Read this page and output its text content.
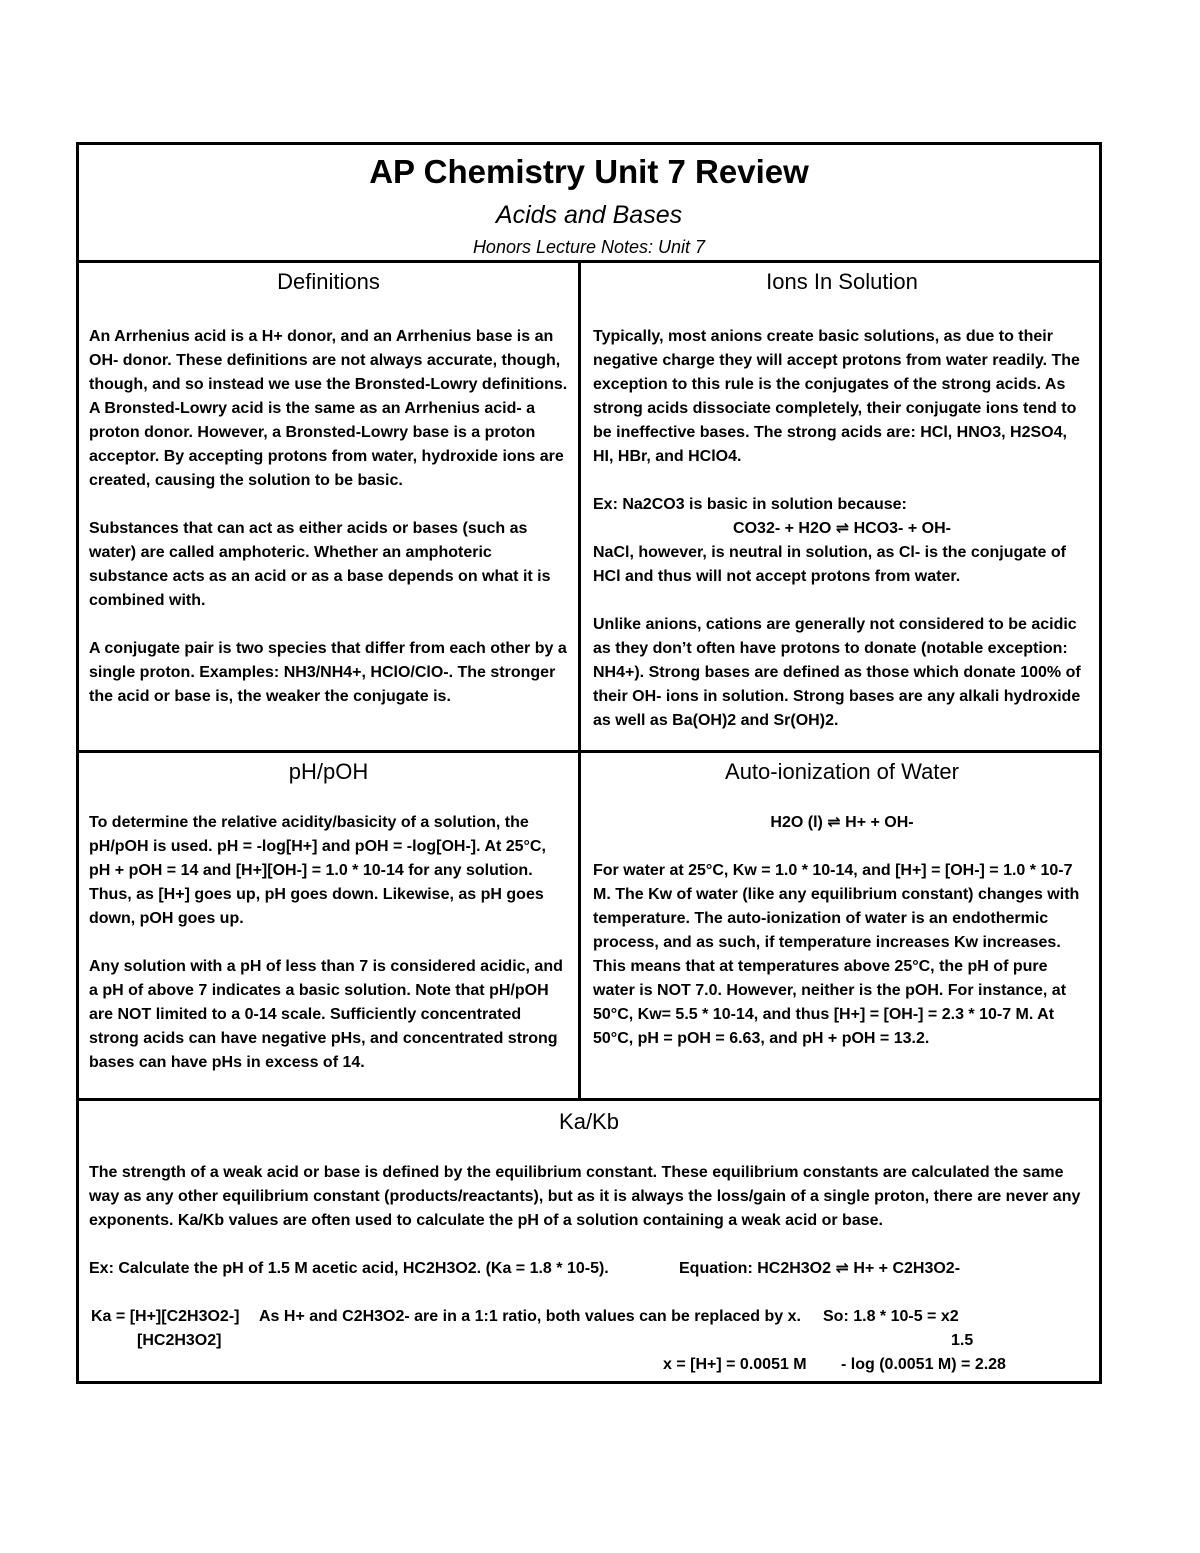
AP Chemistry Unit 7 Review
Acids and Bases
Honors Lecture Notes: Unit 7
Definitions

An Arrhenius acid is a H+ donor, and an Arrhenius base is an OH- donor. These definitions are not always accurate, though, though, and so instead we use the Bronsted-Lowry definitions. A Bronsted-Lowry acid is the same as an Arrhenius acid- a proton donor. However, a Bronsted-Lowry base is a proton acceptor. By accepting protons from water, hydroxide ions are created, causing the solution to be basic.

Substances that can act as either acids or bases (such as water) are called amphoteric. Whether an amphoteric substance acts as an acid or as a base depends on what it is combined with.

A conjugate pair is two species that differ from each other by a single proton. Examples: NH3/NH4+, HClO/ClO-. The stronger the acid or base is, the weaker the conjugate is.

Ions In Solution

Typically, most anions create basic solutions, as due to their negative charge they will accept protons from water readily. The exception to this rule is the conjugates of the strong acids. As strong acids dissociate completely, their conjugate ions tend to be ineffective bases. The strong acids are: HCl, HNO3, H2SO4, HI, HBr, and HClO4.

Ex: Na2CO3 is basic in solution because:

CO32- + H2O ⇌ HCO3- + OH-

NaCl, however, is neutral in solution, as Cl- is the conjugate of HCl and thus will not accept protons from water.

Unlike anions, cations are generally not considered to be acidic as they don’t often have protons to donate (notable exception: NH4+). Strong bases are defined as those which donate 100% of their OH- ions in solution. Strong bases are any alkali hydroxide as well as Ba(OH)2 and Sr(OH)2.

pH/pOH

To determine the relative acidity/basicity of a solution, the pH/pOH is used. pH = -log[H+] and pOH = -log[OH-]. At 25°C, pH + pOH = 14 and [H+][OH-] = 1.0 * 10-14 for any solution. Thus, as [H+] goes up, pH goes down. Likewise, as pH goes down, pOH goes up.

Any solution with a pH of less than 7 is considered acidic, and a pH of above 7 indicates a basic solution. Note that pH/pOH are NOT limited to a 0-14 scale. Sufficiently concentrated strong acids can have negative pHs, and concentrated strong bases can have pHs in excess of 14.

Auto-ionization of Water

H2O (l) ⇌ H+ + OH-

For water at 25°C, Kw = 1.0 * 10-14, and [H+] = [OH-] = 1.0 * 10-7 M. The Kw of water (like any equilibrium constant) changes with temperature. The auto-ionization of water is an endothermic process, and as such, if temperature increases Kw increases. This means that at temperatures above 25°C, the pH of pure water is NOT 7.0. However, neither is the pOH. For instance, at 50°C, Kw= 5.5 * 10-14, and thus [H+] = [OH-] = 2.3 * 10-7 M. At 50°C, pH = pOH = 6.63, and pH + pOH = 13.2.

Ka/Kb

The strength of a weak acid or base is defined by the equilibrium constant. These equilibrium constants are calculated the same way as any other equilibrium constant (products/reactants), but as it is always the loss/gain of a single proton, there are never any exponents. Ka/Kb values are often used to calculate the pH of a solution containing a weak acid or base.

Ex: Calculate the pH of 1.5 M acetic acid, HC2H3O2. (Ka = 1.8 * 10-5).	Equation: HC2H3O2 ⇌ H+ + C2H3O2-
Ka = [H+][C2H3O2-] As H+ and C2H3O2- are in a 1:1 ratio, both values can be replaced by x. So: 1.8 * 10-5 = x2
[HC2H3O2]	1.5
x = [H+] = 0.0051 M - log (0.0051 M) = 2.28
